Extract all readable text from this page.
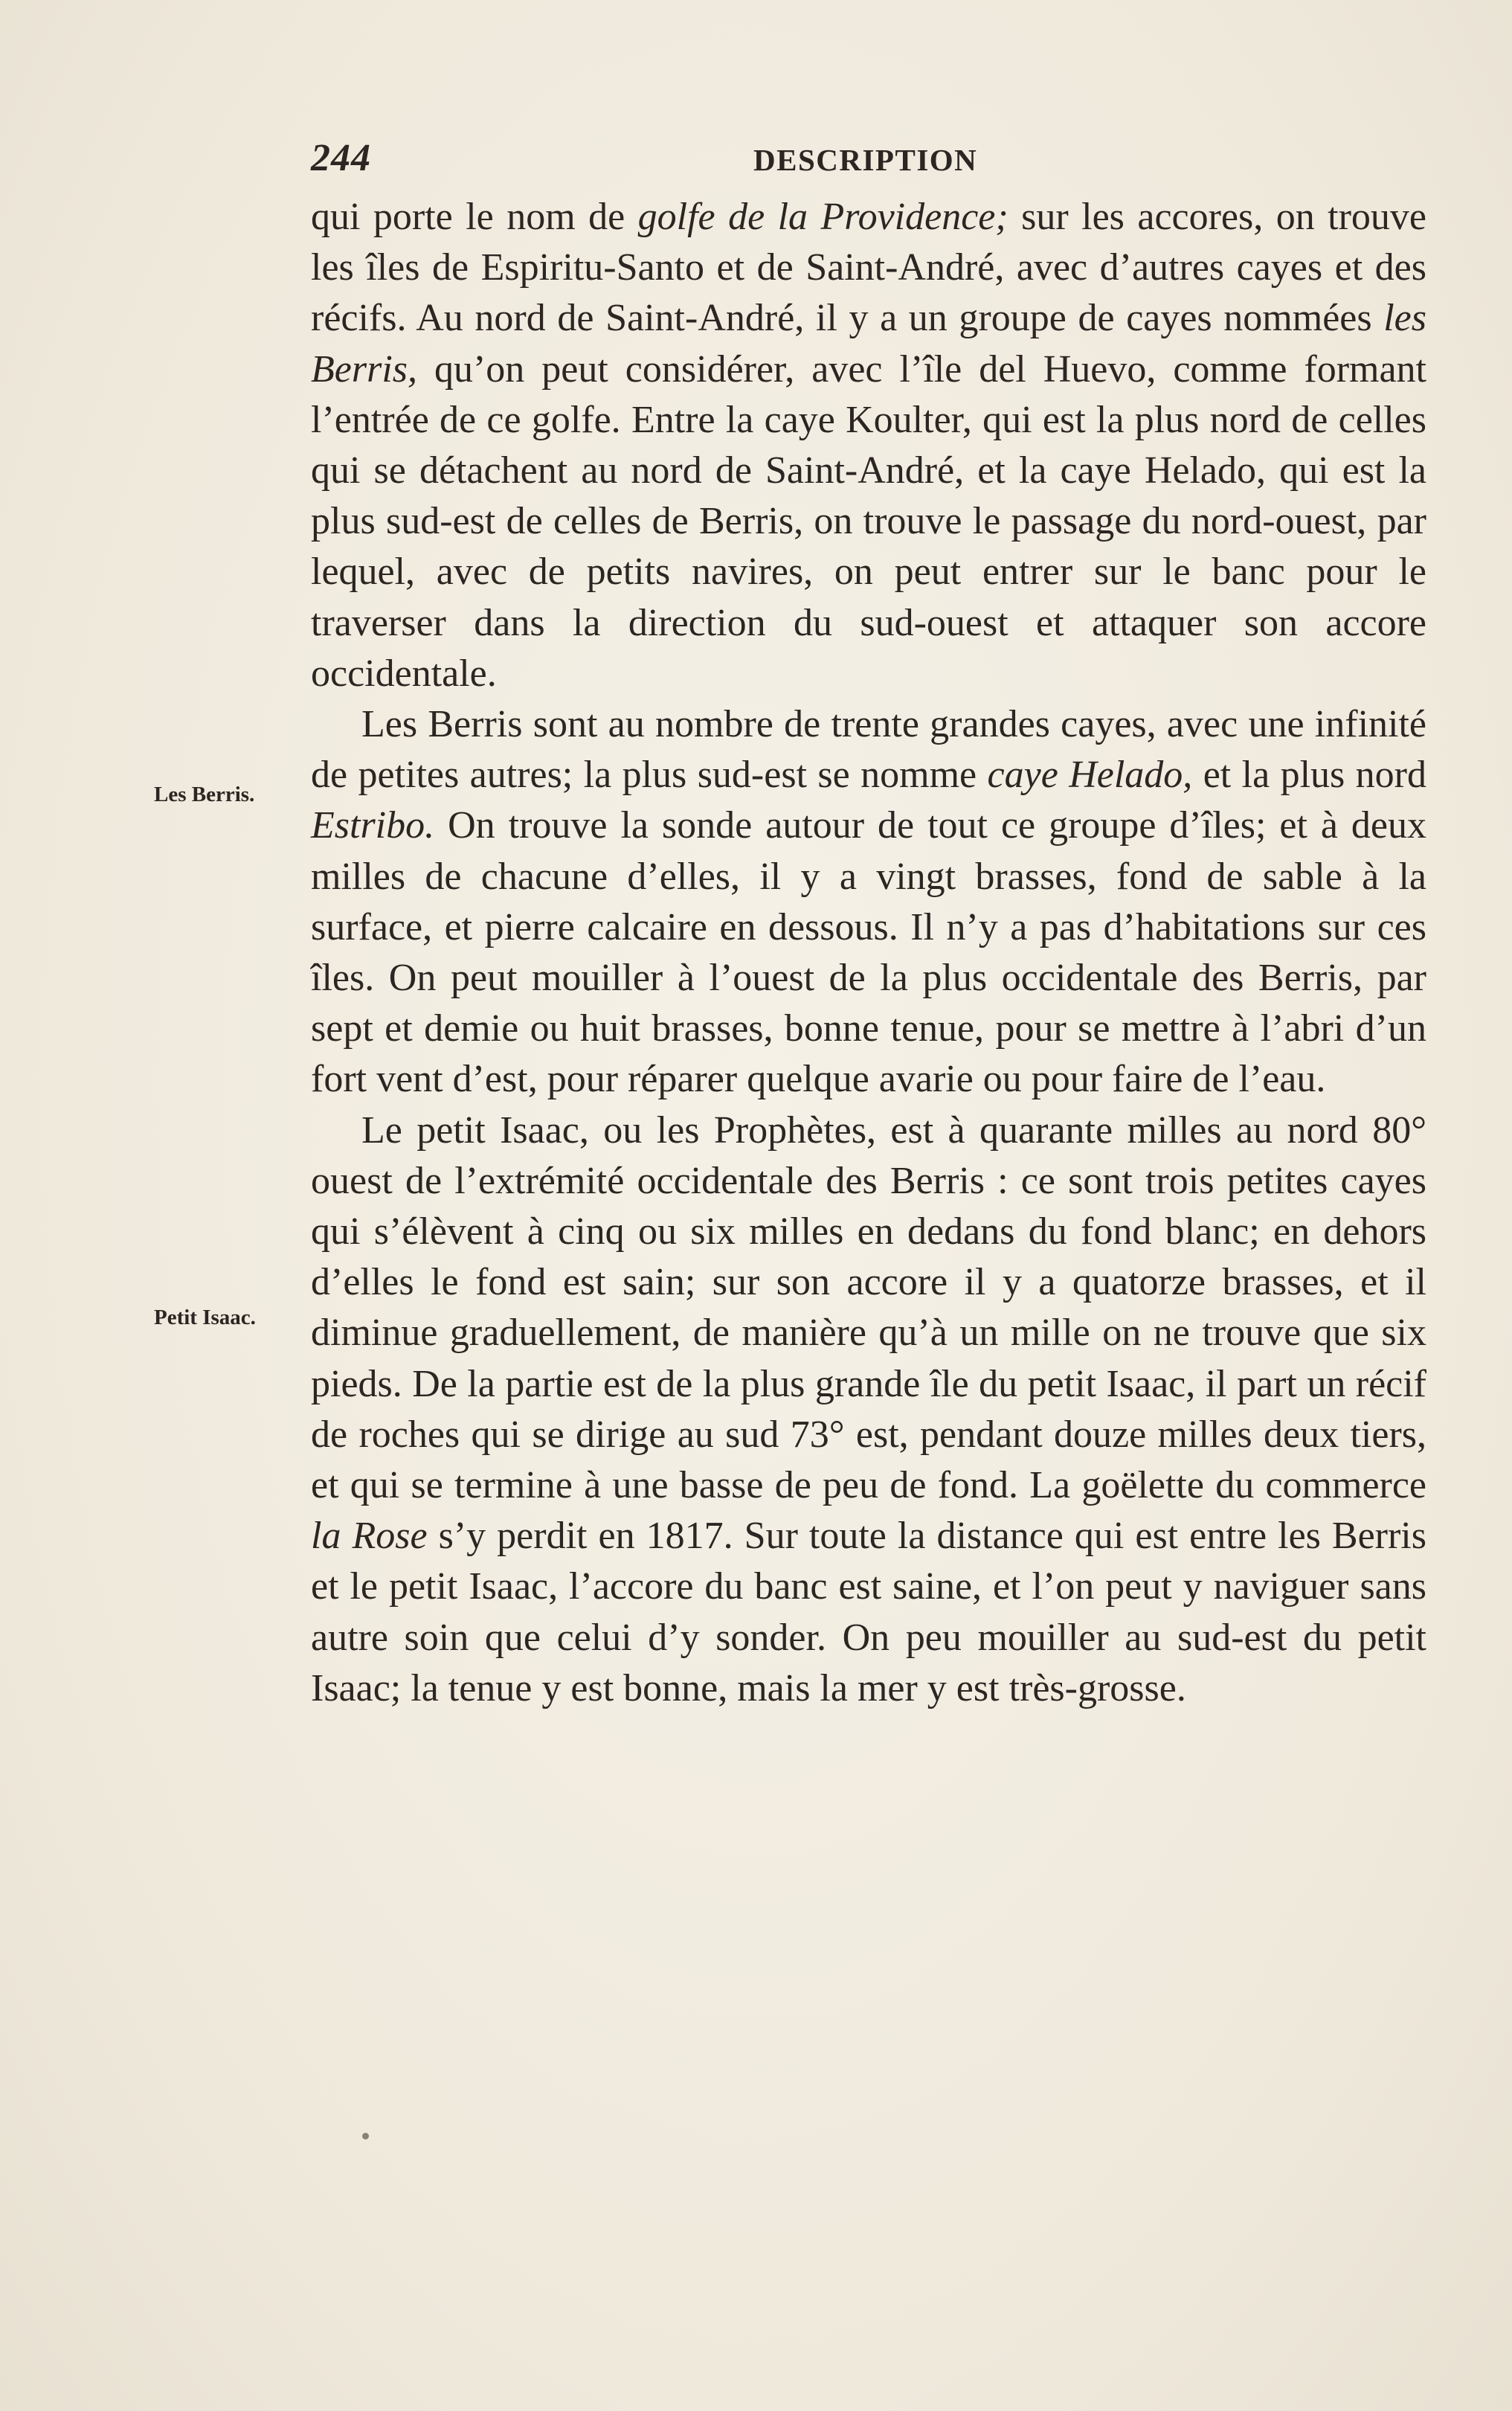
244	DESCRIPTION
Les Berris.
Petit Isaac.

qui porte le nom de golfe de la Providence; sur les accores, on trouve les îles de Espiritu-Santo et de Saint-André, avec d’autres cayes et des récifs. Au nord de Saint-André, il y a un groupe de cayes nommées les Berris, qu’on peut considérer, avec l’île del Huevo, comme formant l’entrée de ce golfe. Entre la caye Koulter, qui est la plus nord de celles qui se détachent au nord de Saint-André, et la caye Helado, qui est la plus sud-est de celles de Berris, on trouve le passage du nord-ouest, par lequel, avec de petits navires, on peut entrer sur le banc pour le traverser dans la direction du sud-ouest et attaquer son accore occidentale.

Les Berris sont au nombre de trente grandes cayes, avec une infinité de petites autres; la plus sud-est se nomme caye Helado, et la plus nord Estribo. On trouve la sonde autour de tout ce groupe d’îles; et à deux milles de chacune d’elles, il y a vingt brasses, fond de sable à la surface, et pierre calcaire en dessous. Il n’y a pas d’habitations sur ces îles. On peut mouiller à l’ouest de la plus occidentale des Berris, par sept et demie ou huit brasses, bonne tenue, pour se mettre à l’abri d’un fort vent d’est, pour réparer quelque avarie ou pour faire de l’eau.

Le petit Isaac, ou les Prophètes, est à quarante milles au nord 80° ouest de l’extrémité occidentale des Berris : ce sont trois petites cayes qui s’élèvent à cinq ou six milles en dedans du fond blanc; en dehors d’elles le fond est sain; sur son accore il y a quatorze brasses, et il diminue graduellement, de manière qu’à un mille on ne trouve que six pieds. De la partie est de la plus grande île du petit Isaac, il part un récif de roches qui se dirige au sud 73° est, pendant douze milles deux tiers, et qui se termine à une basse de peu de fond. La goëlette du commerce la Rose s’y perdit en 1817. Sur toute la distance qui est entre les Berris et le petit Isaac, l’accore du banc est saine, et l’on peut y naviguer sans autre soin que celui d’y sonder. On peu mouiller au sud-est du petit Isaac; la tenue y est bonne, mais la mer y est très-grosse.
